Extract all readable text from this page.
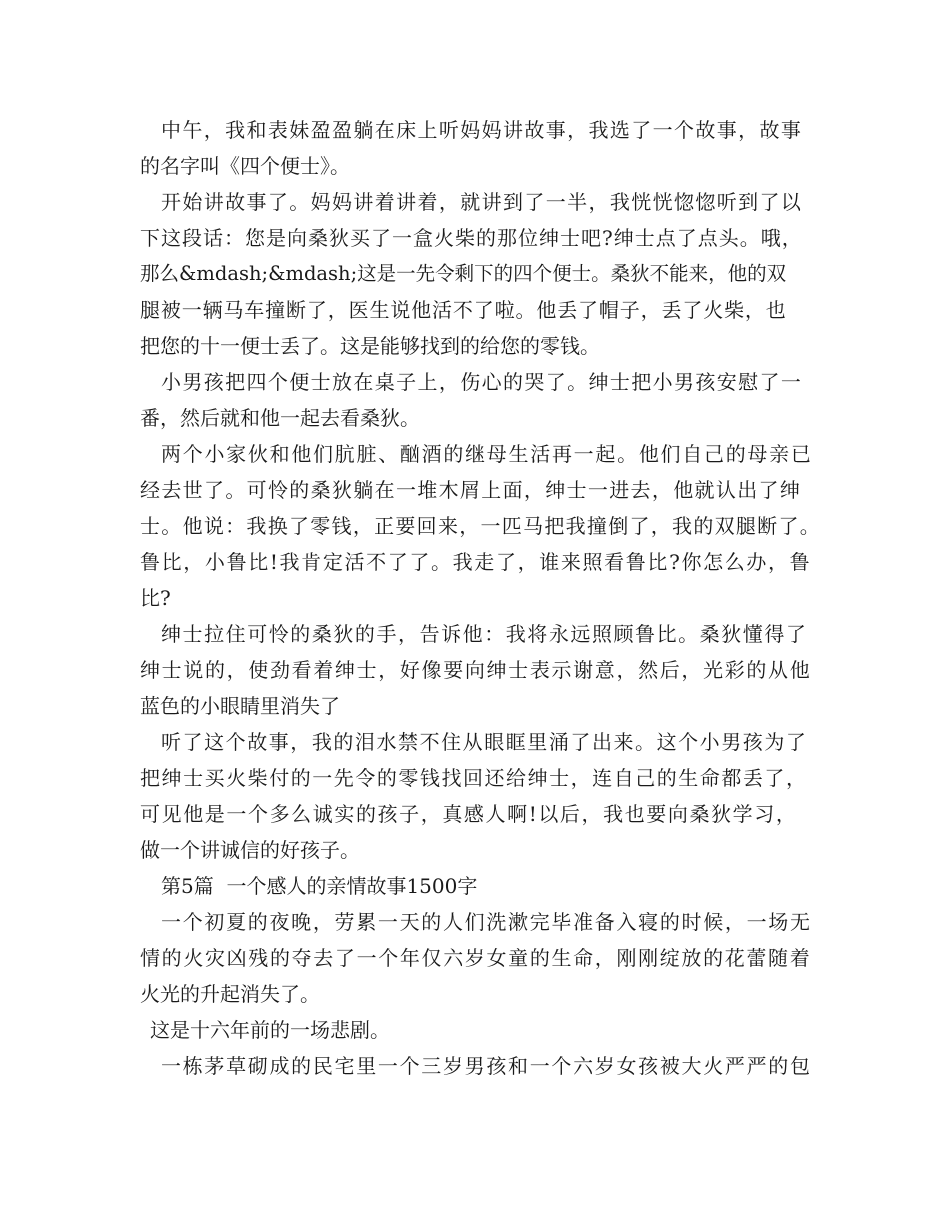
中 午 ， 我 和 表 妹 盈 盈 躺 在 床 上 听 妈 妈 讲 故 事 ， 我 选 了 一 个 故 事 ， 故 事
的名字叫《四个便士》。
开 始 讲 故 事 了 。 妈 妈 讲 着 讲 着 ， 就 讲 到 了 一 半 ， 我 恍 恍 惚 惚 听 到 了 以
下 这 段 话 ： 您 是 向 桑 狄 买 了 一 盒 火 柴 的 那 位 绅 士 吧 ? 绅 士 点 了 点 头 。 哦 ，
那么&mdash;&mdash;这是一先令剩下的四个便士。桑狄不能来，他的双
腿 被 一 辆 马 车 撞 断 了 ， 医 生 说 他 活 不 了 啦 。 他 丢 了 帽 子 ， 丢 了 火 柴 ， 也
把您的十一便士丢了。这是能够找到的给您的零钱。
小 男 孩 把 四 个 便 士 放 在 桌 子 上 ， 伤 心 的 哭 了 。 绅 士 把 小 男 孩 安 慰 了 一
番，然后就和他一起去看桑狄。
两 个 小 家 伙 和 他 们 肮 脏 、 酗 酒 的 继 母 生 活 再 一 起 。 他 们 自 己 的 母 亲 已
经 去 世 了 。 可 怜 的 桑 狄 躺 在 一 堆 木 屑 上 面 ， 绅 士 一 进 去 ， 他 就 认 出 了 绅
士 。 他 说 ： 我 换 了 零 钱 ， 正 要 回 来 ， 一 匹 马 把 我 撞 倒 了 ， 我 的 双 腿 断 了 。
鲁 比 ， 小 鲁 比 ! 我 肯 定 活 不 了 了 。 我 走 了 ， 谁 来 照 看 鲁 比 ? 你 怎 么 办 ， 鲁
比?
绅 士 拉 住 可 怜 的 桑 狄 的 手 ， 告 诉 他 ： 我 将 永 远 照 顾 鲁 比 。 桑 狄 懂 得 了
绅 士 说 的 ， 使 劲 看 着 绅 士 ， 好 像 要 向 绅 士 表 示 谢 意 ， 然 后 ， 光 彩 的 从 他
蓝色的小眼睛里消失了
听 了 这 个 故 事 ， 我 的 泪 水 禁 不 住 从 眼 眶 里 涌 了 出 来 。 这 个 小 男 孩 为 了
把 绅 士 买 火 柴 付 的 一 先 令 的 零 钱 找 回 还 给 绅 士 ， 连 自 己 的 生 命 都 丢 了 ，
可 见 他 是 一 个 多 么 诚 实 的 孩 子 ， 真 感 人 啊 ! 以 后 ， 我 也 要 向 桑 狄 学 习 ，
做一个讲诚信的好孩子。
第5篇  一个感人的亲情故事1500字
一 个 初 夏 的 夜 晚 ， 劳 累 一 天 的 人 们 洗 漱 完 毕 准 备 入 寝 的 时 候 ， 一 场 无
情 的 火 灾 凶 残 的 夺 去 了 一 个 年 仅 六 岁 女 童 的 生 命 ， 刚 刚 绽 放 的 花 蕾 随 着
火光的升起消失了。
这是十六年前的一场悲剧。
一 栋 茅 草 砌 成 的 民 宅 里 一 个 三 岁 男 孩 和 一 个 六 岁 女 孩 被 大 火 严 严 的 包
